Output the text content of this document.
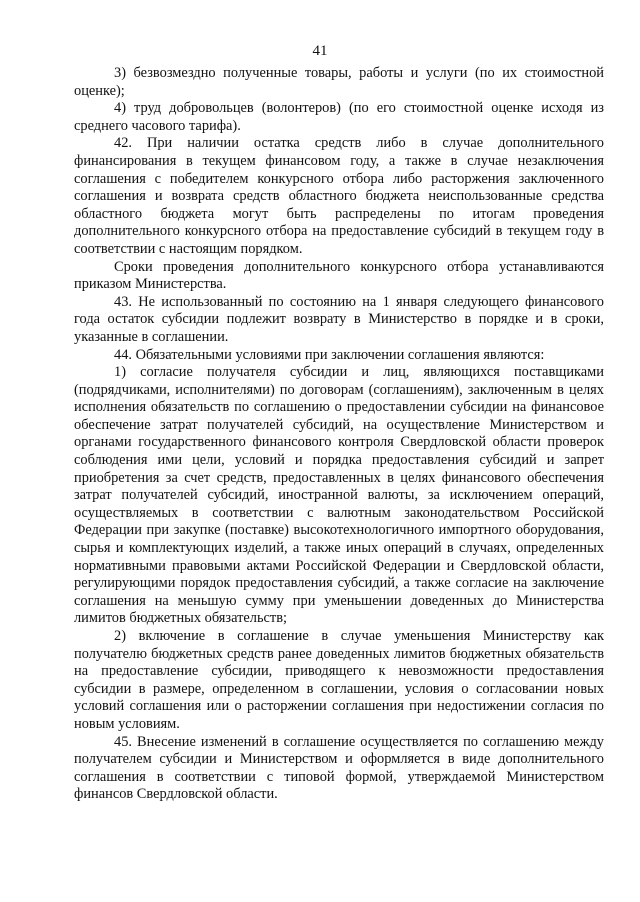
41

3) безвозмездно полученные товары, работы и услуги (по их стоимостной оценке);

4) труд добровольцев (волонтеров) (по его стоимостной оценке исходя из среднего часового тарифа).

42. При наличии остатка средств либо в случае дополнительного финансирования в текущем финансовом году, а также в случае незаключения соглашения с победителем конкурсного отбора либо расторжения заключенного соглашения и возврата средств областного бюджета неиспользованные средства областного бюджета могут быть распределены по итогам проведения дополнительного конкурсного отбора на предоставление субсидий в текущем году в соответствии с настоящим порядком.

Сроки проведения дополнительного конкурсного отбора устанавливаются приказом Министерства.

43. Не использованный по состоянию на 1 января следующего финансового года остаток субсидии подлежит возврату в Министерство в порядке и в сроки, указанные в соглашении.

44. Обязательными условиями при заключении соглашения являются:

1) согласие получателя субсидии и лиц, являющихся поставщиками (подрядчиками, исполнителями) по договорам (соглашениям), заключенным в целях исполнения обязательств по соглашению о предоставлении субсидии на финансовое обеспечение затрат получателей субсидий, на осуществление Министерством и органами государственного финансового контроля Свердловской области проверок соблюдения ими цели, условий и порядка предоставления субсидий и запрет приобретения за счет средств, предоставленных в целях финансового обеспечения затрат получателей субсидий, иностранной валюты, за исключением операций, осуществляемых в соответствии с валютным законодательством Российской Федерации при закупке (поставке) высокотехнологичного импортного оборудования, сырья и комплектующих изделий, а также иных операций в случаях, определенных нормативными правовыми актами Российской Федерации и Свердловской области, регулирующими порядок предоставления субсидий, а также согласие на заключение соглашения на меньшую сумму при уменьшении доведенных до Министерства лимитов бюджетных обязательств;

2) включение в соглашение в случае уменьшения Министерству как получателю бюджетных средств ранее доведенных лимитов бюджетных обязательств на предоставление субсидии, приводящего к невозможности предоставления субсидии в размере, определенном в соглашении, условия о согласовании новых условий соглашения или о расторжении соглашения при недостижении согласия по новым условиям.

45. Внесение изменений в соглашение осуществляется по соглашению между получателем субсидии и Министерством и оформляется в виде дополнительного соглашения в соответствии с типовой формой, утверждаемой Министерством финансов Свердловской области.
